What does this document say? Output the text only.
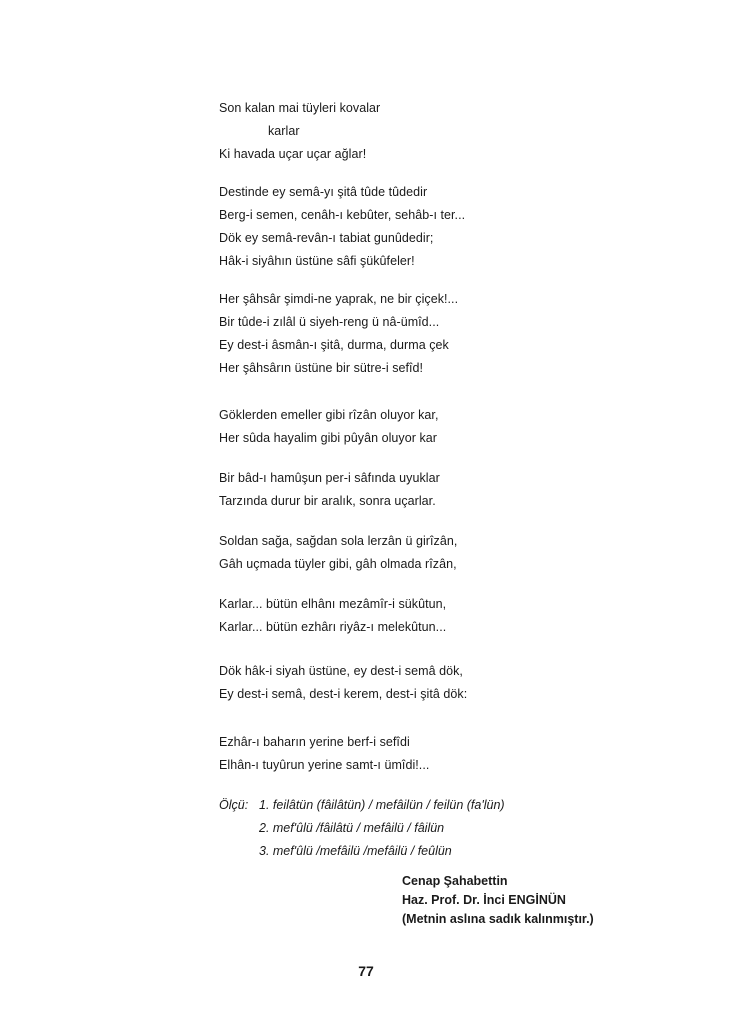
Son kalan mai tüyleri kovalar
karlar
Ki havada uçar uçar ağlar!
Destinde ey semâ-yı şitâ tûde tûdedir
Berg-i semen, cenâh-ı kebûter, sehâb-ı ter...
Dök ey semâ-revân-ı tabiat gunûdedir;
Hâk-i siyâhın üstüne sâfi şükûfeler!
Her şâhsâr şimdi-ne yaprak, ne bir çiçek!...
Bir tûde-i zılâl ü siyeh-reng ü nâ-ümîd...
Ey dest-i âsmân-ı şitâ, durma, durma çek
Her şâhsârın üstüne bir sütre-i sefîd!
Göklerden emeller gibi rîzân oluyor kar,
Her sûda hayalim gibi pûyân oluyor kar
Bir bâd-ı hamûşun per-i sâfında uyuklar
Tarzında durur bir aralık, sonra uçarlar.
Soldan sağa, sağdan sola lerzân ü girîzân,
Gâh uçmada tüyler gibi, gâh olmada rîzân,
Karlar... bütün elhânı mezâmîr-i sükûtun,
Karlar... bütün ezhârı riyâz-ı melekûtun...
Dök hâk-i siyah üstüne, ey dest-i semâ dök,
Ey dest-i semâ, dest-i kerem, dest-i şitâ dök:
Ezhâr-ı baharın yerine berf-i sefîdi
Elhân-ı tuyûrun yerine samt-ı ümîdi!...
Ölçü: 1. feilâtün (fâilâtün) / mefâilün / feilün (fa'lün)
2. mef'ûlü /fâilâtü / mefâilü / fâilün
3. mef'ûlü /mefâilü /mefâilü / feûlün
Cenap Şahabettin
Haz. Prof. Dr. İnci ENGİNÜN
(Metnin aslına sadık kalınmıştır.)
77
